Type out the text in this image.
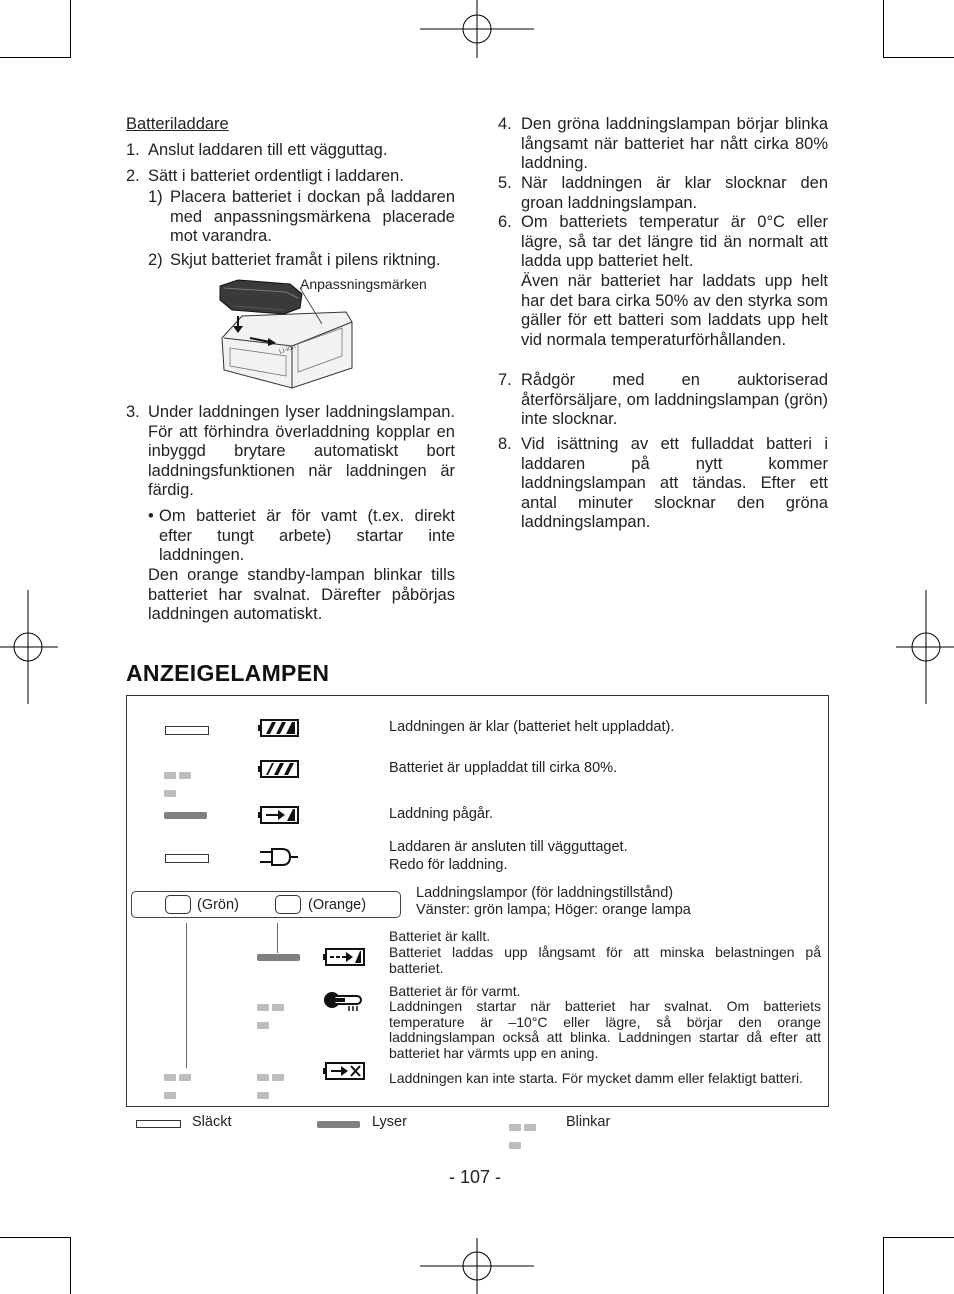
Batteriladdare
1. Anslut laddaren till ett vägguttag.
2. Sätt i batteriet ordentligt i laddaren.
1) Placera batteriet i dockan på laddaren med anpassningsmärkena placerade mot varandra.
2) Skjut batteriet framåt i pilens riktning.
Li-ion
Anpassningsmärken
3. Under laddningen lyser laddningslampan. För att förhindra överladdning kopplar en inbyggd brytare automatiskt bort laddningsfunktionen när laddningen är färdig.
• Om batteriet är för vamt (t.ex. direkt efter tungt arbete) startar inte laddningen.
Den orange standby-lampan blinkar tills batteriet har svalnat. Därefter påbörjas laddningen automatiskt.
4. Den gröna laddningslampan börjar blinka långsamt när batteriet har nått cirka 80% laddning.
5. När laddningen är klar slocknar den groan laddningslampan.
6. Om batteriets temperatur är 0°C eller lägre, så tar det längre tid än normalt att ladda upp batteriet helt.
Även när batteriet har laddats upp helt har det bara cirka 50% av den styrka som gäller för ett batteri som laddats upp helt vid normala temperaturförhållanden.
7. Rådgör med en auktoriserad återförsäljare, om laddningslampan (grön) inte slocknar.
8. Vid isättning av ett fulladdat batteri i laddaren på nytt kommer laddningslampan att tändas. Efter ett antal minuter slocknar den gröna laddningslampan.
ANZEIGELAMPEN
Laddningen är klar (batteriet helt uppladdat).
Batteriet är uppladdat till cirka 80%.
Laddning pågår.
Laddaren är ansluten till vägguttaget.
Redo för laddning.
(Grön)	(Orange)
Laddningslampor (för laddningstillstånd)
Vänster: grön lampa; Höger: orange lampa
Batteriet är kallt.
Batteriet laddas upp långsamt för att minska belastningen på batteriet.
Batteriet är för varmt.
Laddningen startar när batteriet har svalnat. Om batteriets temperature är –10°C eller lägre, så börjar den orange laddningslampan också att blinka. Laddningen startar då efter att batteriet har värmts upp en aning.
Laddningen kan inte starta. För mycket damm eller felaktigt batteri.
Släckt	Lyser	Blinkar
- 107 -
